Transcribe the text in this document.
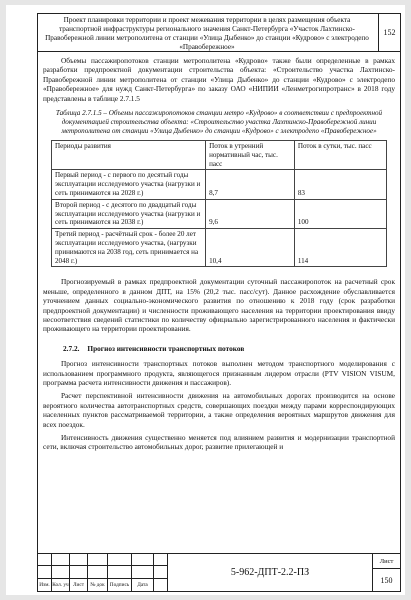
Проект планировки территории и проект межевания территории в целях размещения объекта транспортной инфраструктуры регионального значения Санкт-Петербурга «Участок Лахтинско-Правобережной линии метрополитена от станции «Улица Дыбенко» до станции «Кудрово» с электродепо «Правобережное»
152

Объемы пассажиропотоков станции метрополитена «Кудрово» также были определенные в рамках разработки предпроектной документации строительства объекта: «Строительство участка Лахтинско-Правобережной линии метрополитена от станции «Улица Дыбенко» до станции «Кудрово» с электродепо «Правобережное» для нужд Санкт-Петербурга» по заказу ОАО «НИПИИ «Ленметрогипротранс» в 2018 году представлены в таблице 2.7.1.5

Таблица 2.7.1.5 – Объемы пассажиропотоков станции метро «Кудрово» в соответствии с предпроектной документацией строительства объекта: «Строительство участка Лахтинско-Правобережной линии метрополитена от станции «Улица Дыбенко» до станции «Кудрово» с электродепо «Правобережное»
Периоды развития	Поток в утренний нормативный час, тыс. пасс	Поток в сутки, тыс. пасс
Первый период - с первого по десятый годы эксплуатации исследуемого участка (нагрузки и сеть принимаются на 2028 г.)	8,7	83
Второй период - с десятого по двадцатый годы эксплуатации исследуемого участка (нагрузки и сеть принимаются на 2038 г.)	9,6	100
Третий период - расчётный срок - более 20 лет эксплуатации исследуемого участка, (нагрузки принимаются на 2038 год, сеть принимается на 2048 г.)	10,4	114

Прогнозируемый в рамках предпроектной документации суточный пассажиропоток на расчетный срок меньше, определенного в данном ДПТ, на 15% (20,2 тыс. пасс/сут). Данное расхождение обуславливается уточнением данных социально-экономического развития по отношению к 2018 году (срок разработки предпроектной документации) и численности проживающего населения на территории проектирования ввиду несоответствия сведений статистики по количеству официально зарегистрированного населения и фактически проживающего на территории проектирования.

2.7.2. Прогноз интенсивности транспортных потоков

Прогноз интенсивности транспортных потоков выполнен методом транспортного моделирования с использованием программного продукта, являющегося признанным лидером отрасли (PTV VISION VISUM, программа расчета интенсивности движения и пассажиров).

Расчет перспективной интенсивности движения на автомобильных дорогах производится на основе вероятного количества автотранспортных средств, совершающих поездки между парами корреспондирующих населенных пунктов рассматриваемой территории, а также определения вероятных маршрутов движения для всех поездок.

Интенсивность движения существенно меняется под влиянием развития и модернизации транспортной сети, включая строительство автомобильных дорог, развитие прилегающей и

Изм. Кол. уч Лист	№ док Подпись	Дата
5-962-ДПТ-2.2-ПЗ
Лист
150
